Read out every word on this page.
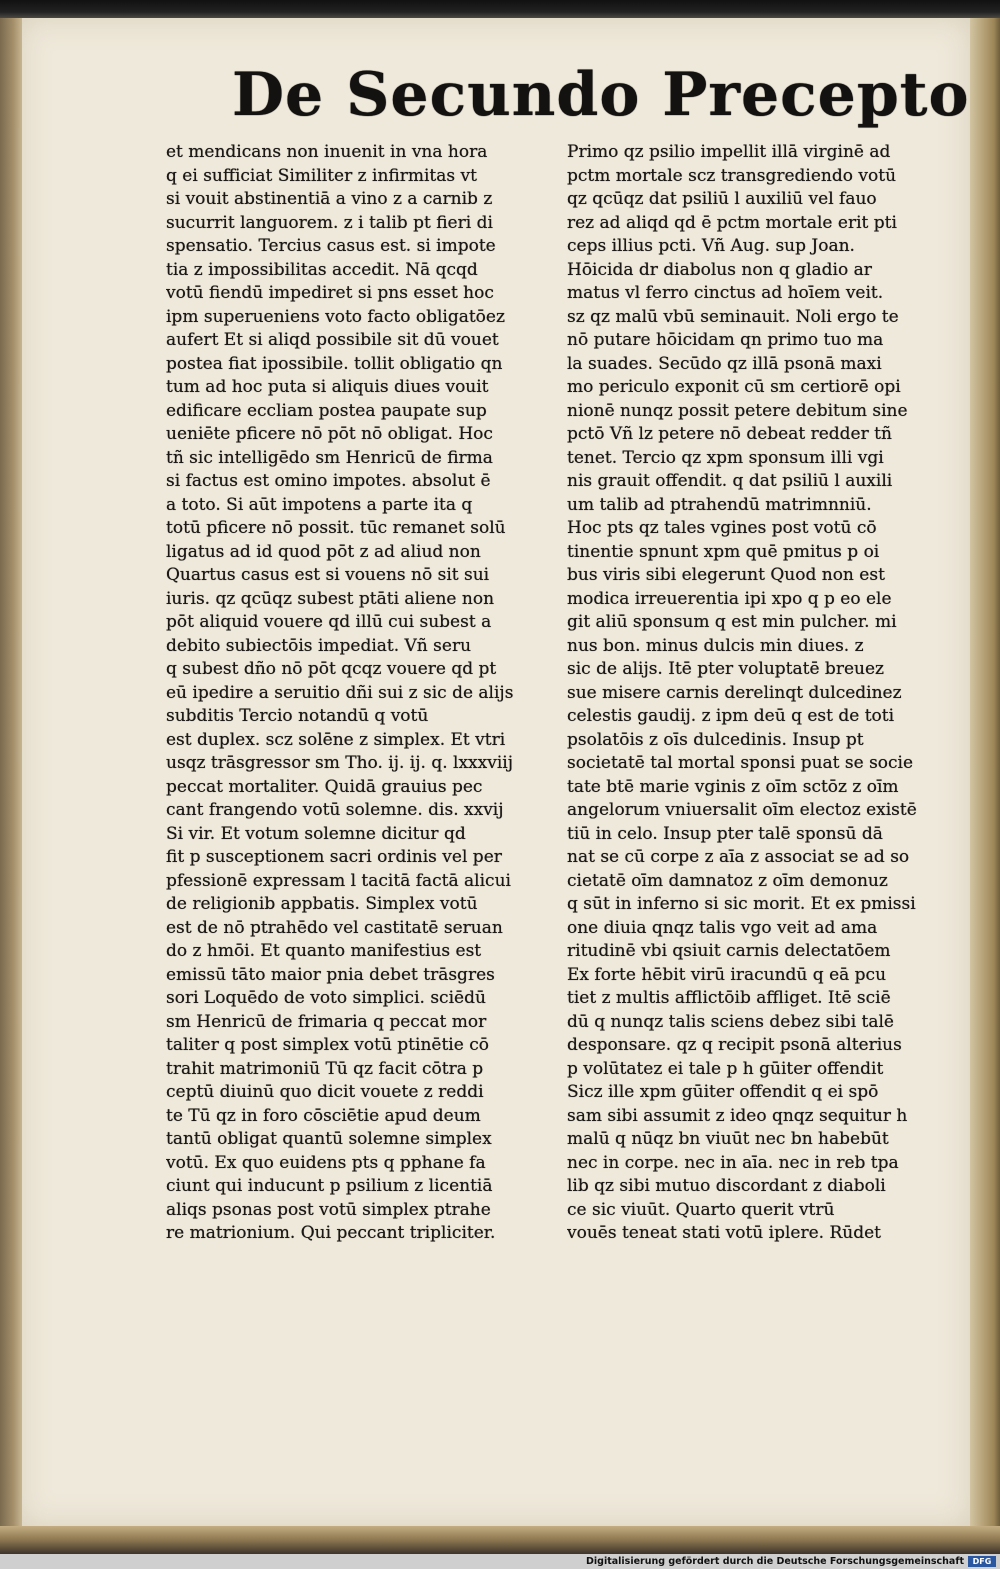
De Secundo Precepto
et mendicans non inuenit in vna hora
q ei sufficiat Similiter z infirmitas vt
si vouit abstinentiā a vino z a carnib z
sucurrit languorem. z i talib pt fieri di
spensatio. Tercius casus est. si impote
tia z impossibilitas accedit. Nā qcqd
votū fiendū impediret si pns esset hoc
ipm superueniens voto facto obligatōez
aufert Et si aliqd possibile sit dū vouet
postea fiat ipossibile. tollit obligatio qn
tum ad hoc puta si aliquis diues vouit
edificare eccliam postea paupate sup
ueniēte pficere nō pōt nō obligat. Hoc
tñ sic intelligēdo sm Henricū de firma
si factus est omino impotes. absolut ē
a toto. Si aūt impotens a parte ita q
totū pficere nō possit. tūc remanet solū
ligatus ad id quod pōt z ad aliud non
Quartus casus est si vouens nō sit sui
iuris. qz qcūqz subest ptāti aliene non
pōt aliquid vouere qd illū cui subest a
debito subiectōis impediat. Vñ seru
q subest dño nō pōt qcqz vouere qd pt
eū ipedire a seruitio dñi sui z sic de alijs
subditis Tercio notandū q votū
est duplex. scz solēne z simplex. Et vtri
usqz trāsgressor sm Tho. ij. ij. q. lxxxviij
peccat mortaliter. Quidā grauius pec
cant frangendo votū solemne. dis. xxvij
Si vir. Et votum solemne dicitur qd
fit p susceptionem sacri ordinis vel per
pfessionē expressam l tacitā factā alicui
de religionib appbatis. Simplex votū
est de nō ptrahēdo vel castitatē seruan
do z hmōi. Et quanto manifestius est
emissū tāto maior pnia debet trāsgres
sori Loquēdo de voto simplici. sciēdū
sm Henricū de frimaria q peccat mor
taliter q post simplex votū ptinētie cō
trahit matrimoniū Tū qz facit cōtra p
ceptū diuinū quo dicit vouete z reddi
te Tū qz in foro cōsciētie apud deum
tantū obligat quantū solemne simplex
votū. Ex quo euidens pts q pphane fa
ciunt qui inducunt p psilium z licentiā
aliqs psonas post votū simplex ptrahe
re matrionium. Qui peccant tripliciter.
Primo qz psilio impellit illā virginē ad
pctm mortale scz transgrediendo votū
qz qcūqz dat psiliū l auxiliū vel fauo
rez ad aliqd qd ē pctm mortale erit pti
ceps illius pcti. Vñ Aug. sup Joan.
Hōicida dr diabolus non q gladio ar
matus vl ferro cinctus ad hoīem veit.
sz qz malū vbū seminauit. Noli ergo te
nō putare hōicidam qn primo tuo ma
la suades. Secūdo qz illā psonā maxi
mo periculo exponit cū sm certiorē opi
nionē nunqz possit petere debitum sine
pctō Vñ lz petere nō debeat redder tñ
tenet. Tercio qz xpm sponsum illi vgi
nis grauit offendit. q dat psiliū l auxili
um talib ad ptrahendū matrimnniū.
Hoc pts qz tales vgines post votū cō
tinentie spnunt xpm quē pmitus p oi
bus viris sibi elegerunt Quod non est
modica irreuerentia ipi xpo q p eo ele
git aliū sponsum q est min pulcher. mi
nus bon. minus dulcis min diues. z
sic de alijs. Itē pter voluptatē breuez
sue misere carnis derelinqt dulcedinez
celestis gaudij. z ipm deū q est de toti
psolatōis z oīs dulcedinis. Insup pt
societatē tal mortal sponsi puat se socie
tate btē marie vginis z oīm sctōz z oīm
angelorum vniuersalit oīm electoz existē
tiū in celo. Insup pter talē sponsū dā
nat se cū corpe z aīa z associat se ad so
cietatē oīm damnatoz z oīm demonuz
q sūt in inferno si sic morit. Et ex pmissi
one diuia qnqz talis vgo veit ad ama
ritudinē vbi qsiuit carnis delectatōem
Ex forte hēbit virū iracundū q eā pcu
tiet z multis afflictōib affliget. Itē sciē
dū q nunqz talis sciens debez sibi talē
desponsare. qz q recipit psonā alterius
p volūtatez ei tale p h gūiter offendit
Sicz ille xpm gūiter offendit q ei spō
sam sibi assumit z ideo qnqz sequitur h
malū q nūqz bn viuūt nec bn habebūt
nec in corpe. nec in aīa. nec in reb tpa
lib qz sibi mutuo discordant z diaboli
ce sic viuūt. Quarto querit vtrū
vouēs teneat stati votū iplere. Rūdet
Digitalisierung gefördert durch die Deutsche Forschungsgemeinschaft	DFG
